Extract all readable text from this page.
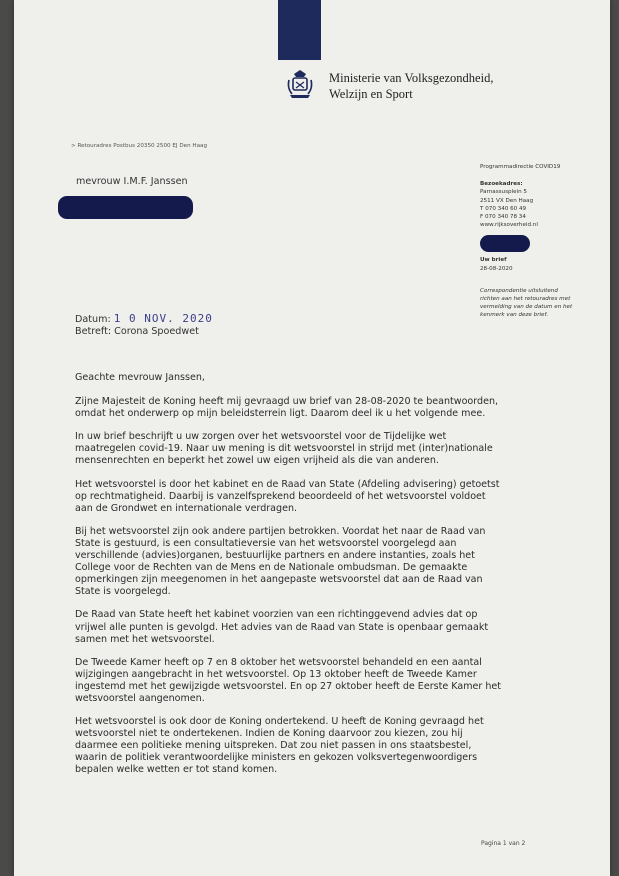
Ministerie van Volksgezondheid,
Welzijn en Sport
> Retouradres Postbus 20350 2500 EJ Den Haag
mevrouw I.M.F. Janssen
Programmadirectie COVID19
Bezoekadres:
Parnassusplein 5
2511 VX Den Haag
T 070 340 60 49
F 070 340 78 34
www.rijksoverheid.nl
Uw brief
28-08-2020
Correspondentie uitsluitend richten aan het retouradres met vermelding van de datum en het kenmerk van deze brief.
Datum: 1 0 NOV. 2020
Betreft: Corona Spoedwet

Geachte mevrouw Janssen,

Zijne Majesteit de Koning heeft mij gevraagd uw brief van 28-08-2020 te beantwoorden, omdat het onderwerp op mijn beleidsterrein ligt. Daarom deel ik u het volgende mee.

In uw brief beschrijft u uw zorgen over het wetsvoorstel voor de Tijdelijke wet maatregelen covid-19. Naar uw mening is dit wetsvoorstel in strijd met (inter)nationale mensenrechten en beperkt het zowel uw eigen vrijheid als die van anderen.

Het wetsvoorstel is door het kabinet en de Raad van State (Afdeling advisering) getoetst op rechtmatigheid. Daarbij is vanzelfsprekend beoordeeld of het wetsvoorstel voldoet aan de Grondwet en internationale verdragen.

Bij het wetsvoorstel zijn ook andere partijen betrokken. Voordat het naar de Raad van State is gestuurd, is een consultatieversie van het wetsvoorstel voorgelegd aan verschillende (advies)organen, bestuurlijke partners en andere instanties, zoals het College voor de Rechten van de Mens en de Nationale ombudsman. De gemaakte opmerkingen zijn meegenomen in het aangepaste wetsvoorstel dat aan de Raad van State is voorgelegd.

De Raad van State heeft het kabinet voorzien van een richtinggevend advies dat op vrijwel alle punten is gevolgd. Het advies van de Raad van State is openbaar gemaakt samen met het wetsvoorstel.

De Tweede Kamer heeft op 7 en 8 oktober het wetsvoorstel behandeld en een aantal wijzigingen aangebracht in het wetsvoorstel. Op 13 oktober heeft de Tweede Kamer ingestemd met het gewijzigde wetsvoorstel. En op 27 oktober heeft de Eerste Kamer het wetsvoorstel aangenomen.

Het wetsvoorstel is ook door de Koning ondertekend. U heeft de Koning gevraagd het wetsvoorstel niet te ondertekenen. Indien de Koning daarvoor zou kiezen, zou hij daarmee een politieke mening uitspreken. Dat zou niet passen in ons staatsbestel, waarin de politiek verantwoordelijke ministers en gekozen volksvertegenwoordigers bepalen welke wetten er tot stand komen.

Pagina 1 van 2
